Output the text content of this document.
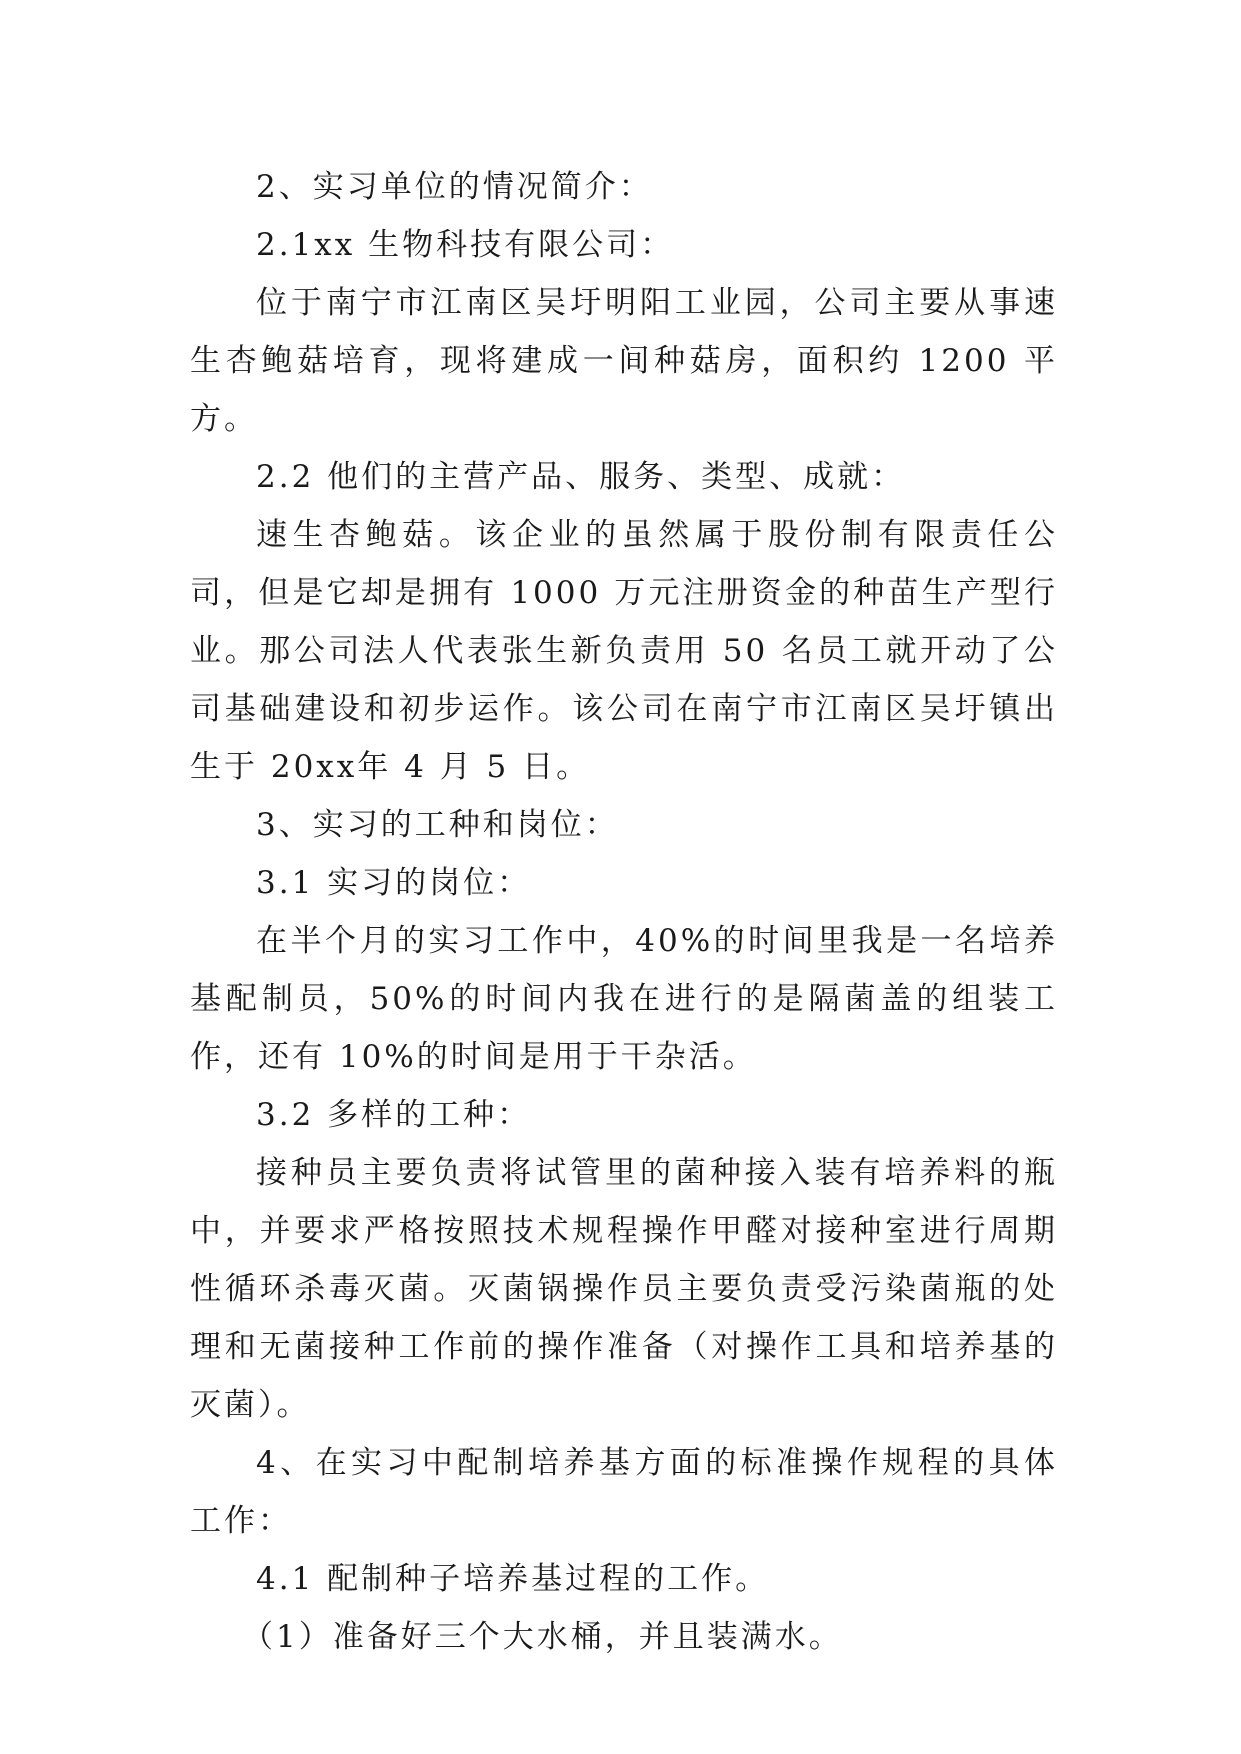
2、实习单位的情况简介：

2.1xx 生物科技有限公司：

位于南宁市江南区吴圩明阳工业园，公司主要从事速生杏鲍菇培育，现将建成一间种菇房，面积约 1200 平方。

2.2 他们的主营产品、服务、类型、成就：

速生杏鲍菇。该企业的虽然属于股份制有限责任公司，但是它却是拥有 1000 万元注册资金的种苗生产型行业。那公司法人代表张生新负责用 50 名员工就开动了公司基础建设和初步运作。该公司在南宁市江南区吴圩镇出生于 20xx年 4 月 5 日。

3、实习的工种和岗位：

3.1 实习的岗位：

在半个月的实习工作中，40%的时间里我是一名培养基配制员，50%的时间内我在进行的是隔菌盖的组装工作，还有 10%的时间是用于干杂活。

3.2 多样的工种：

接种员主要负责将试管里的菌种接入装有培养料的瓶中，并要求严格按照技术规程操作甲醛对接种室进行周期性循环杀毒灭菌。灭菌锅操作员主要负责受污染菌瓶的处理和无菌接种工作前的操作准备（对操作工具和培养基的灭菌）。

4、在实习中配制培养基方面的标准操作规程的具体工作：

4.1 配制种子培养基过程的工作。

（1）准备好三个大水桶，并且装满水。
